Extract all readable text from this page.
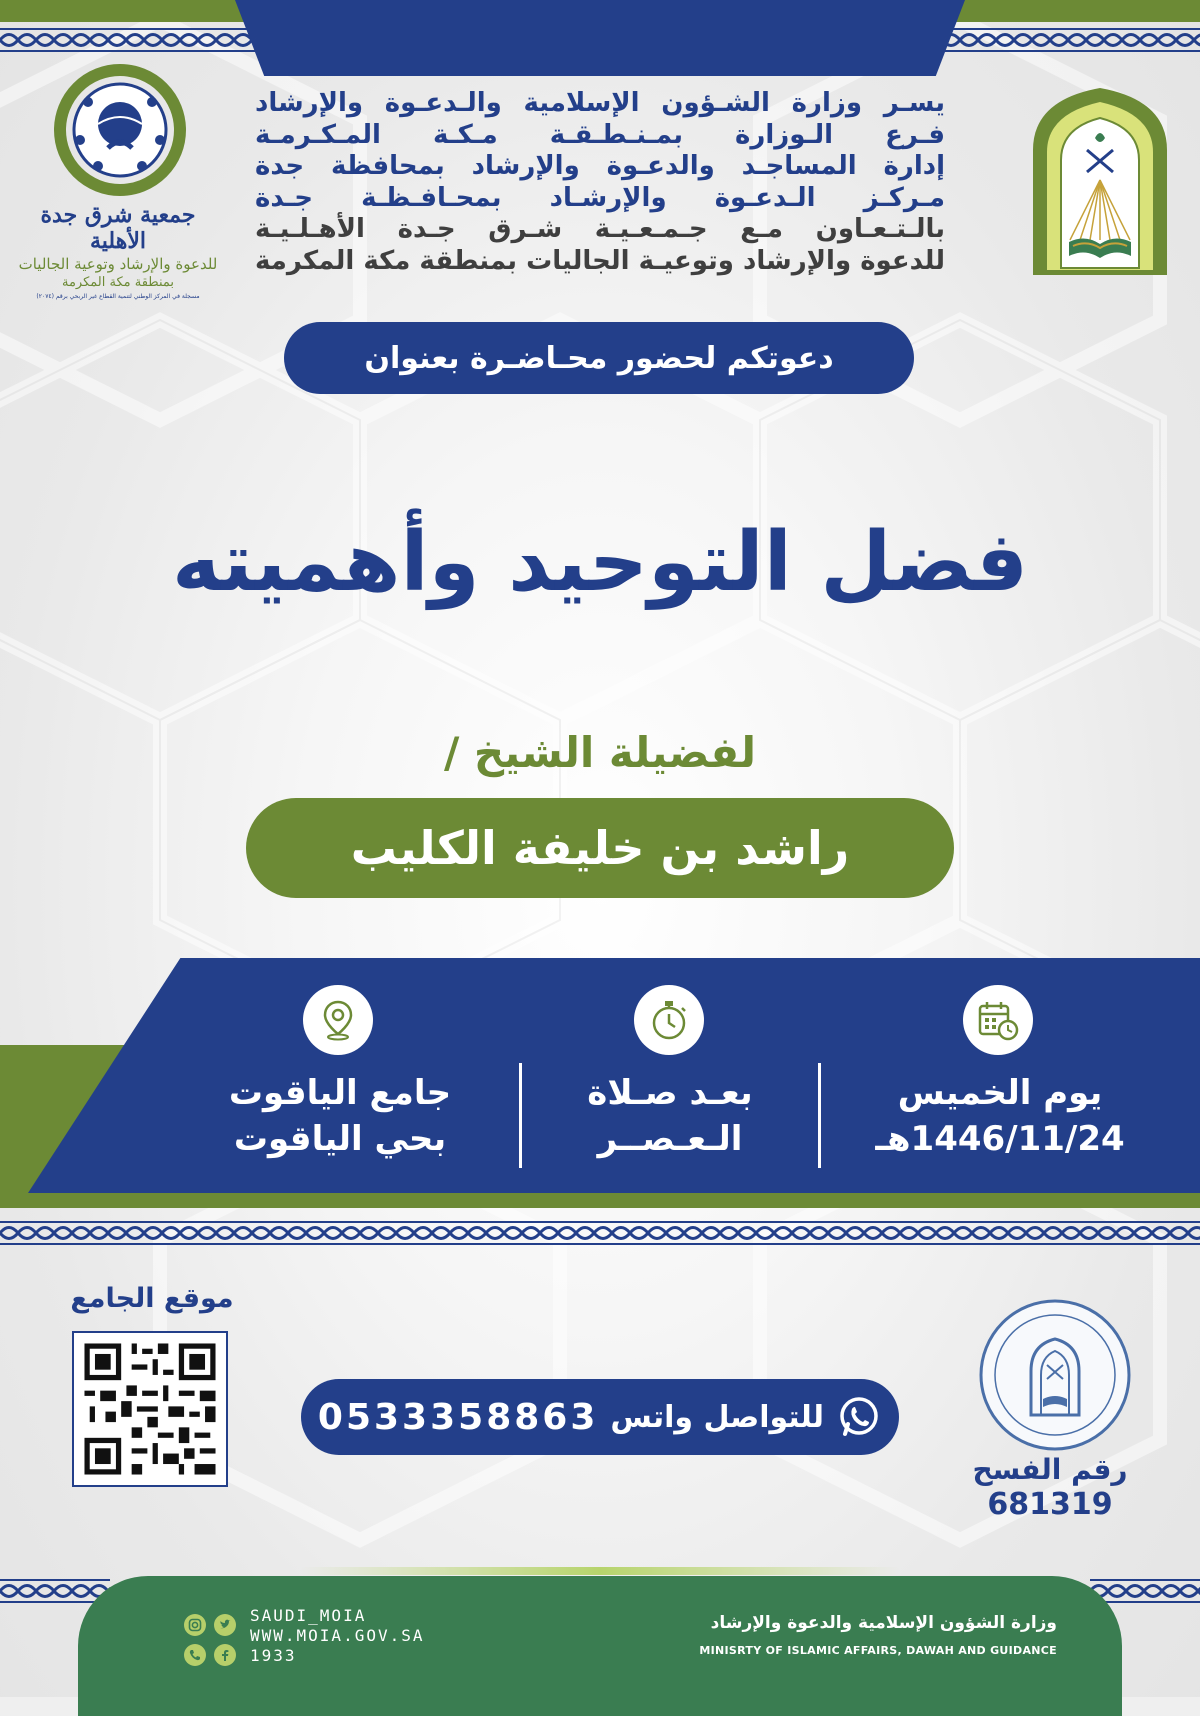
جمعية شرق جدة الأهلية
للدعوة والإرشاد وتوعية الجاليات
بمنطقة مكة المكرمة
مسجلة في المركز الوطني لتنمية القطاع غير الربحي برقم (٢٠٧٤)
يسـر وزارة الشـؤون الإسلامية والـدعـوة والإرشاد
فـرع الـوزارة بمـنـطـقـة مـكـة المـكـرمـة
إدارة المساجـد والدعـوة والإرشاد بمحافظة جدة
مـركـز الـدعـوة والإرشـاد بمحـافـظـة جـدة
بالـتـعـاون مـع جـمـعـيـة شـرق جـدة الأهـلـيـة
للدعوة والإرشاد وتوعيـة الجاليات بمنطقة مكة المكرمة
دعوتكم لحضور محـاضـرة بعنوان
فضل التوحيد وأهميته
لفضيلة الشيخ /
راشد بن خليفة الكليب
يوم الخميس
1446/11/24هـ
بعـد صـلاة
الـعـصــر
جامع الياقوت
بحي الياقوت
موقع الجامع
0533358863 للتواصل واتس
رقم الفسح
681319
وزارة الشؤون الإسلامية والدعوة والإرشاد
MINISRTY OF ISLAMIC AFFAIRS, DAWAH AND GUIDANCE
SAUDI_MOIA
WWW.MOIA.GOV.SA
1933
